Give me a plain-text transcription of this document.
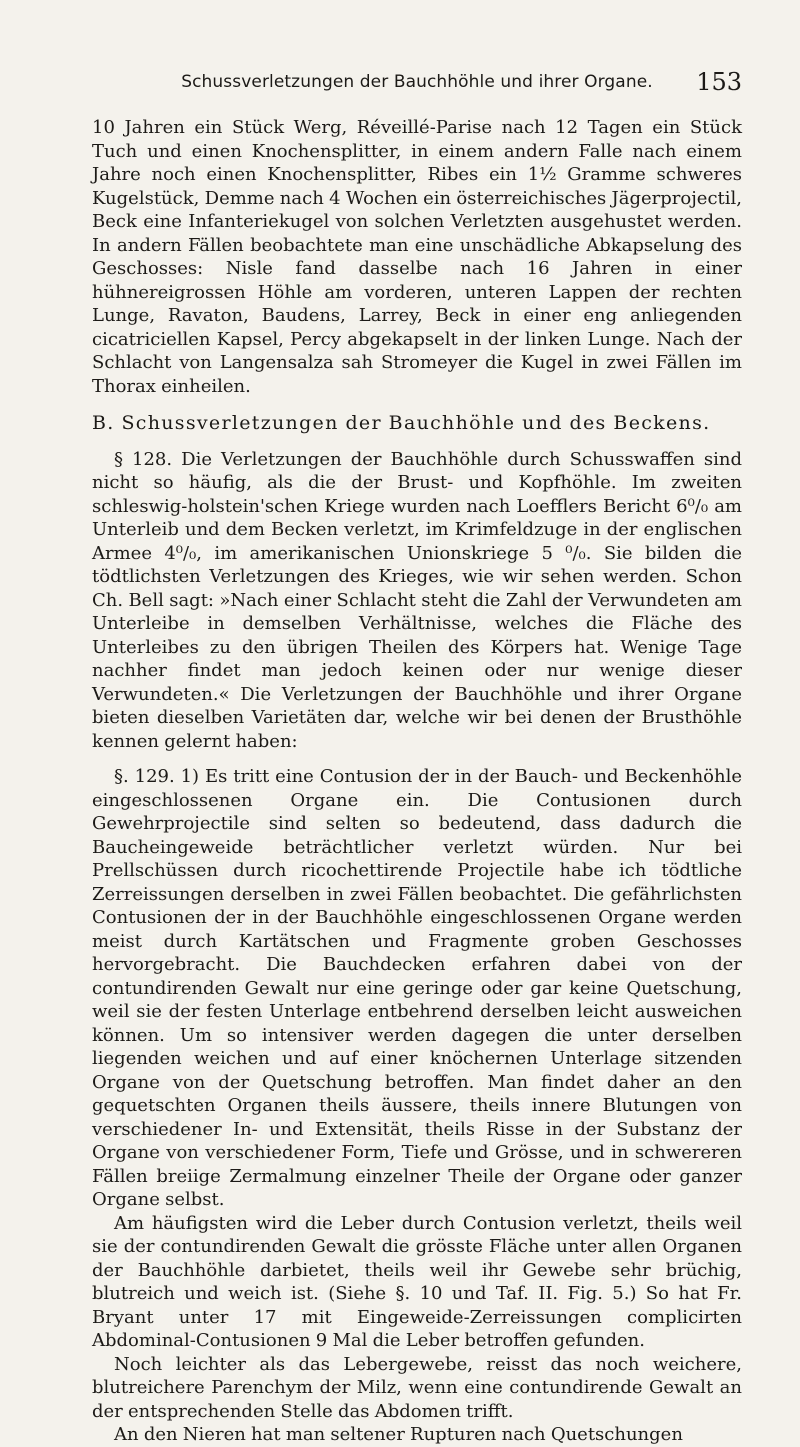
Schussverletzungen der Bauchhöhle und ihrer Organe.	153

10 Jahren ein Stück Werg, Réveillé-Parise nach 12 Tagen ein Stück Tuch und einen Knochensplitter, in einem andern Falle nach einem Jahre noch einen Knochensplitter, Ribes ein 1½ Gramme schweres Kugelstück, Demme nach 4 Wochen ein österreichisches Jägerprojectil, Beck eine Infanteriekugel von solchen Verletzten ausgehustet werden. In andern Fällen beobachtete man eine unschädliche Abkapselung des Geschosses: Nisle fand dasselbe nach 16 Jahren in einer hühnereigrossen Höhle am vorderen, unteren Lappen der rechten Lunge, Ravaton, Baudens, Larrey, Beck in einer eng anliegenden cicatriciellen Kapsel, Percy abgekapselt in der linken Lunge. Nach der Schlacht von Langensalza sah Stromeyer die Kugel in zwei Fällen im Thorax einheilen.

B. Schussverletzungen der Bauchhöhle und des Beckens.

§ 128. Die Verletzungen der Bauchhöhle durch Schusswaffen sind nicht so häufig, als die der Brust- und Kopfhöhle. Im zweiten schleswig-holstein'schen Kriege wurden nach Loefflers Bericht 6⁰/₀ am Unterleib und dem Becken verletzt, im Krimfeldzuge in der englischen Armee 4⁰/₀, im amerikanischen Unionskriege 5 ⁰/₀. Sie bilden die tödtlichsten Verletzungen des Krieges, wie wir sehen werden. Schon Ch. Bell sagt: »Nach einer Schlacht steht die Zahl der Verwundeten am Unterleibe in demselben Verhältnisse, welches die Fläche des Unterleibes zu den übrigen Theilen des Körpers hat. Wenige Tage nachher findet man jedoch keinen oder nur wenige dieser Verwundeten.« Die Verletzungen der Bauchhöhle und ihrer Organe bieten dieselben Varietäten dar, welche wir bei denen der Brusthöhle kennen gelernt haben:

§. 129. 1) Es tritt eine Contusion der in der Bauch- und Beckenhöhle eingeschlossenen Organe ein. Die Contusionen durch Gewehrprojectile sind selten so bedeutend, dass dadurch die Baucheingeweide beträchtlicher verletzt würden. Nur bei Prellschüssen durch ricochettirende Projectile habe ich tödtliche Zerreissungen derselben in zwei Fällen beobachtet. Die gefährlichsten Contusionen der in der Bauchhöhle eingeschlossenen Organe werden meist durch Kartätschen und Fragmente groben Geschosses hervorgebracht. Die Bauchdecken erfahren dabei von der contundirenden Gewalt nur eine geringe oder gar keine Quetschung, weil sie der festen Unterlage entbehrend derselben leicht ausweichen können. Um so intensiver werden dagegen die unter derselben liegenden weichen und auf einer knöchernen Unterlage sitzenden Organe von der Quetschung betroffen. Man findet daher an den gequetschten Organen theils äussere, theils innere Blutungen von verschiedener In- und Extensität, theils Risse in der Substanz der Organe von verschiedener Form, Tiefe und Grösse, und in schwereren Fällen breiige Zermalmung einzelner Theile der Organe oder ganzer Organe selbst.

Am häufigsten wird die Leber durch Contusion verletzt, theils weil sie der contundirenden Gewalt die grösste Fläche unter allen Organen der Bauchhöhle darbietet, theils weil ihr Gewebe sehr brüchig, blutreich und weich ist. (Siehe §. 10 und Taf. II. Fig. 5.) So hat Fr. Bryant unter 17 mit Eingeweide-Zerreissungen complicirten Abdominal-Contusionen 9 Mal die Leber betroffen gefunden.

Noch leichter als das Lebergewebe, reisst das noch weichere, blutreichere Parenchym der Milz, wenn eine contundirende Gewalt an der entsprechenden Stelle das Abdomen trifft.

An den Nieren hat man seltener Rupturen nach Quetschungen
